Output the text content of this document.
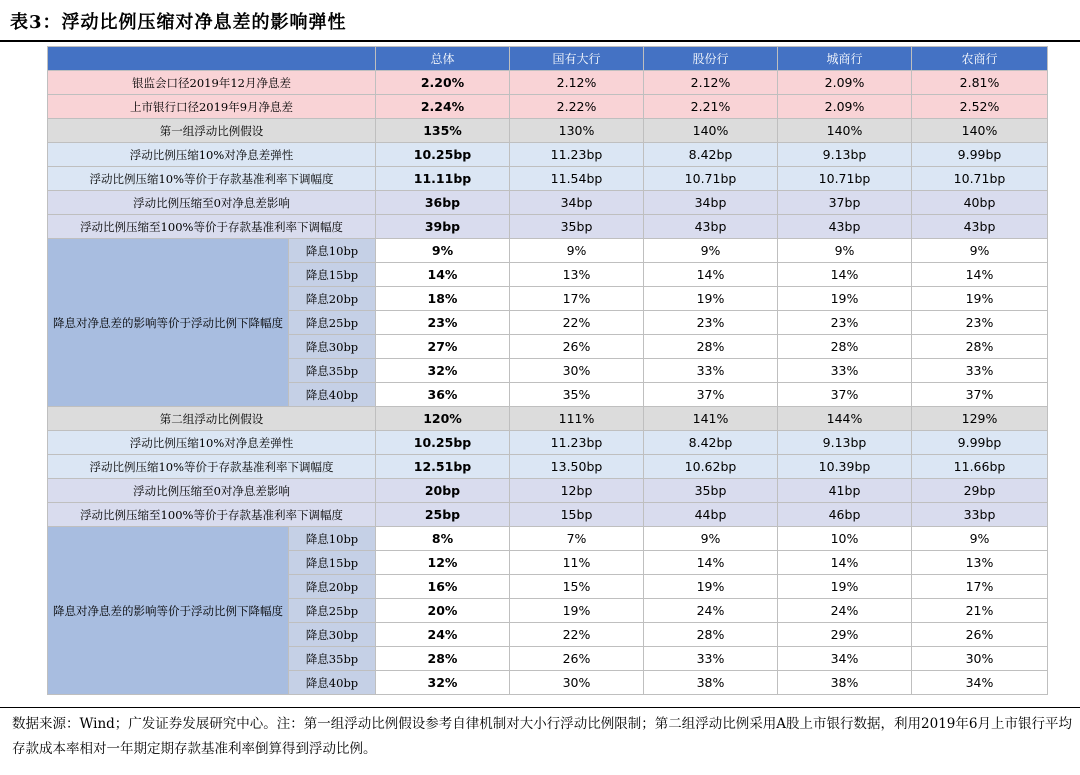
表3：浮动比例压缩对净息差的影响弹性
		总体	国有大行	股份行	城商行	农商行
银监会口径2019年12月净息差		2.20%	2.12%	2.12%	2.09%	2.81%
上市银行口径2019年9月净息差		2.24%	2.22%	2.21%	2.09%	2.52%
第一组浮动比例假设		135%	130%	140%	140%	140%
浮动比例压缩10%对净息差弹性		10.25bp	11.23bp	8.42bp	9.13bp	9.99bp
浮动比例压缩10%等价于存款基准利率下调幅度		11.11bp	11.54bp	10.71bp	10.71bp	10.71bp
浮动比例压缩至0对净息差影响		36bp	34bp	34bp	37bp	40bp
浮动比例压缩至100%等价于存款基准利率下调幅度		39bp	35bp	43bp	43bp	43bp
降息对净息差的影响等价于浮动比例下降幅度	降息10bp	9%	9%	9%	9%	9%
	降息15bp	14%	13%	14%	14%	14%
	降息20bp	18%	17%	19%	19%	19%
	降息25bp	23%	22%	23%	23%	23%
	降息30bp	27%	26%	28%	28%	28%
	降息35bp	32%	30%	33%	33%	33%
	降息40bp	36%	35%	37%	37%	37%
第二组浮动比例假设		120%	111%	141%	144%	129%
浮动比例压缩10%对净息差弹性		10.25bp	11.23bp	8.42bp	9.13bp	9.99bp
浮动比例压缩10%等价于存款基准利率下调幅度		12.51bp	13.50bp	10.62bp	10.39bp	11.66bp
浮动比例压缩至0对净息差影响		20bp	12bp	35bp	41bp	29bp
浮动比例压缩至100%等价于存款基准利率下调幅度		25bp	15bp	44bp	46bp	33bp
降息对净息差的影响等价于浮动比例下降幅度	降息10bp	8%	7%	9%	10%	9%
	降息15bp	12%	11%	14%	14%	13%
	降息20bp	16%	15%	19%	19%	17%
	降息25bp	20%	19%	24%	24%	21%
	降息30bp	24%	22%	28%	29%	26%
	降息35bp	28%	26%	33%	34%	30%
	降息40bp	32%	30%	38%	38%	34%
数据来源：Wind；广发证券发展研究中心。注：第一组浮动比例假设参考自律机制对大小行浮动比例限制；第二组浮动比例采用A股上市银行数据，利用2019年6月上市银行平均存款成本率相对一年期定期存款基准利率倒算得到浮动比例。
